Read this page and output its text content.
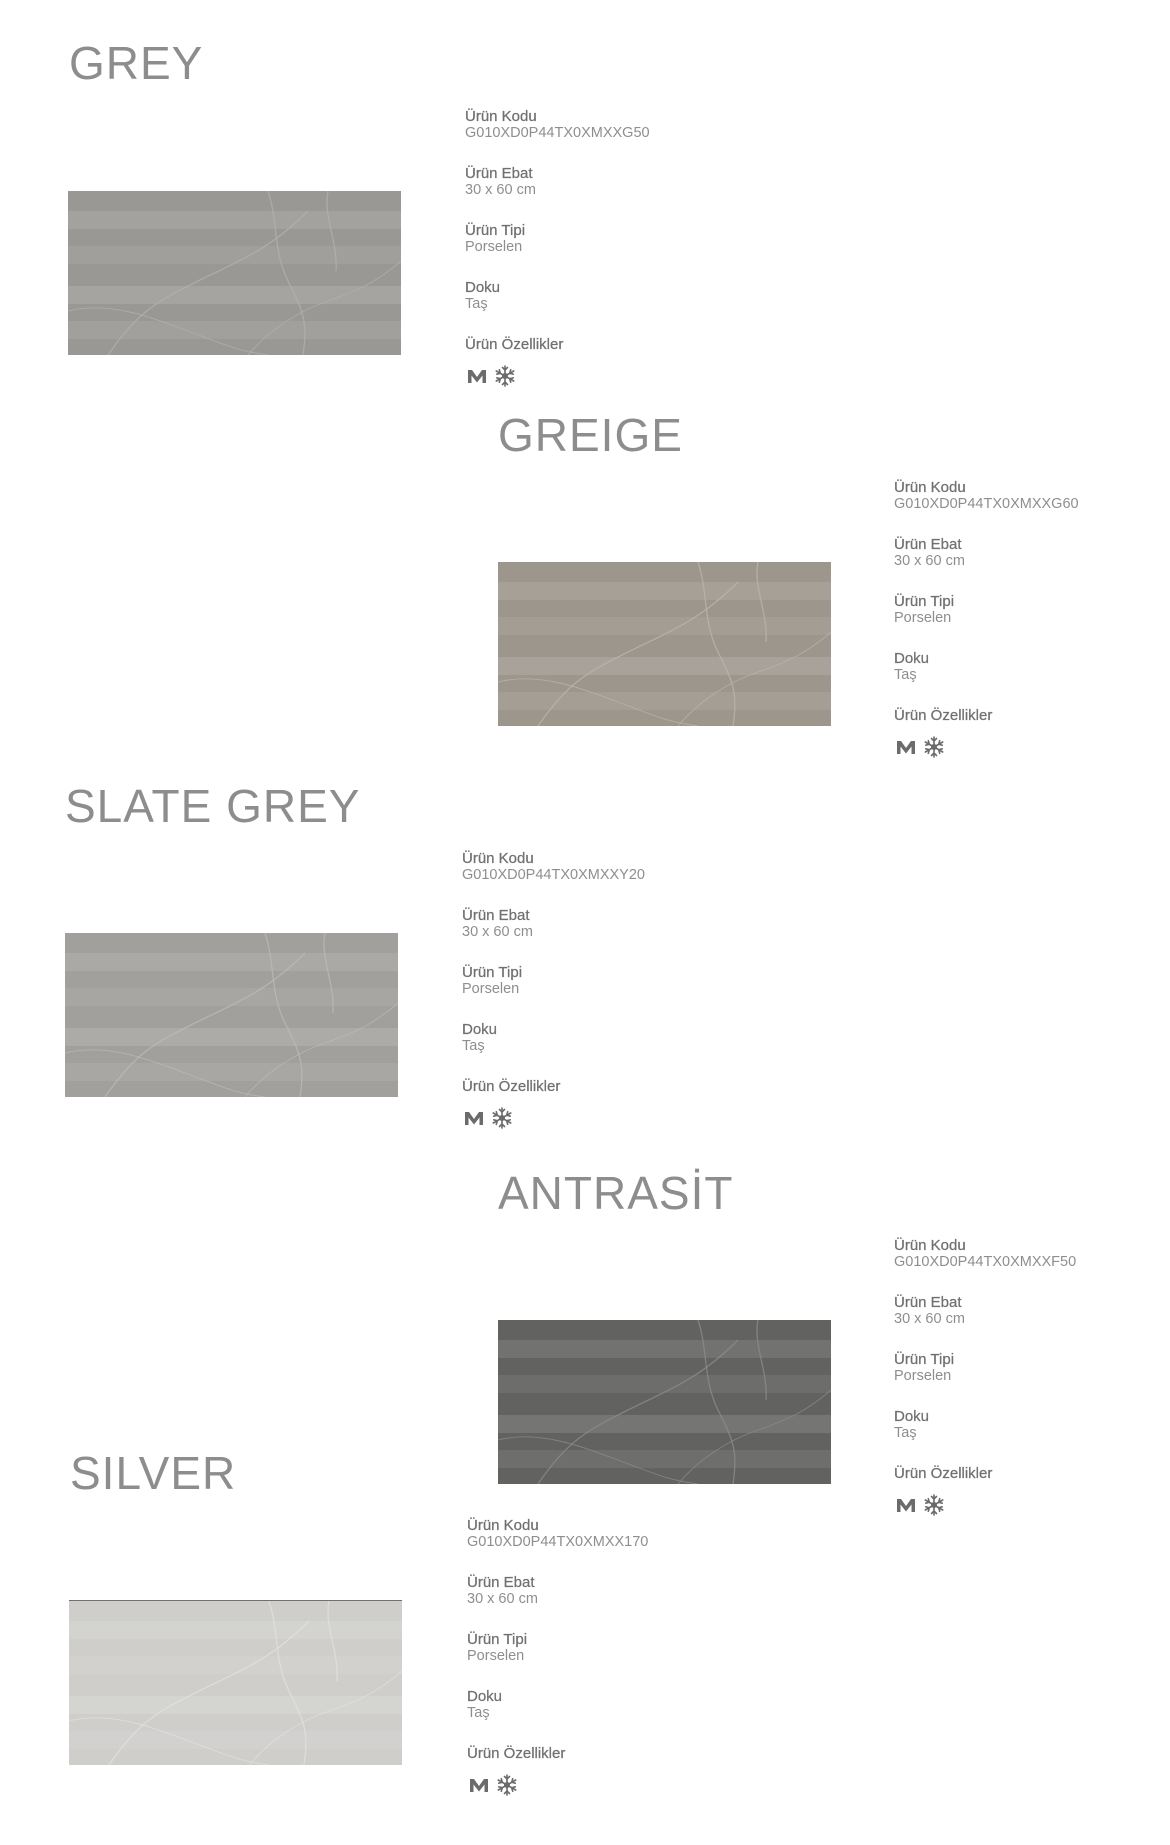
GREY
Ürün Kodu
G010XD0P44TX0XMXXG50
Ürün Ebat
30 x 60 cm
Ürün Tipi
Porselen
Doku
Taş
Ürün Özellikler
GREIGE
Ürün Kodu
G010XD0P44TX0XMXXG60
Ürün Ebat
30 x 60 cm
Ürün Tipi
Porselen
Doku
Taş
Ürün Özellikler
SLATE GREY
Ürün Kodu
G010XD0P44TX0XMXXY20
Ürün Ebat
30 x 60 cm
Ürün Tipi
Porselen
Doku
Taş
Ürün Özellikler
ANTRASİT
Ürün Kodu
G010XD0P44TX0XMXXF50
Ürün Ebat
30 x 60 cm
Ürün Tipi
Porselen
Doku
Taş
Ürün Özellikler
SILVER
Ürün Kodu
G010XD0P44TX0XMXX170
Ürün Ebat
30 x 60 cm
Ürün Tipi
Porselen
Doku
Taş
Ürün Özellikler
